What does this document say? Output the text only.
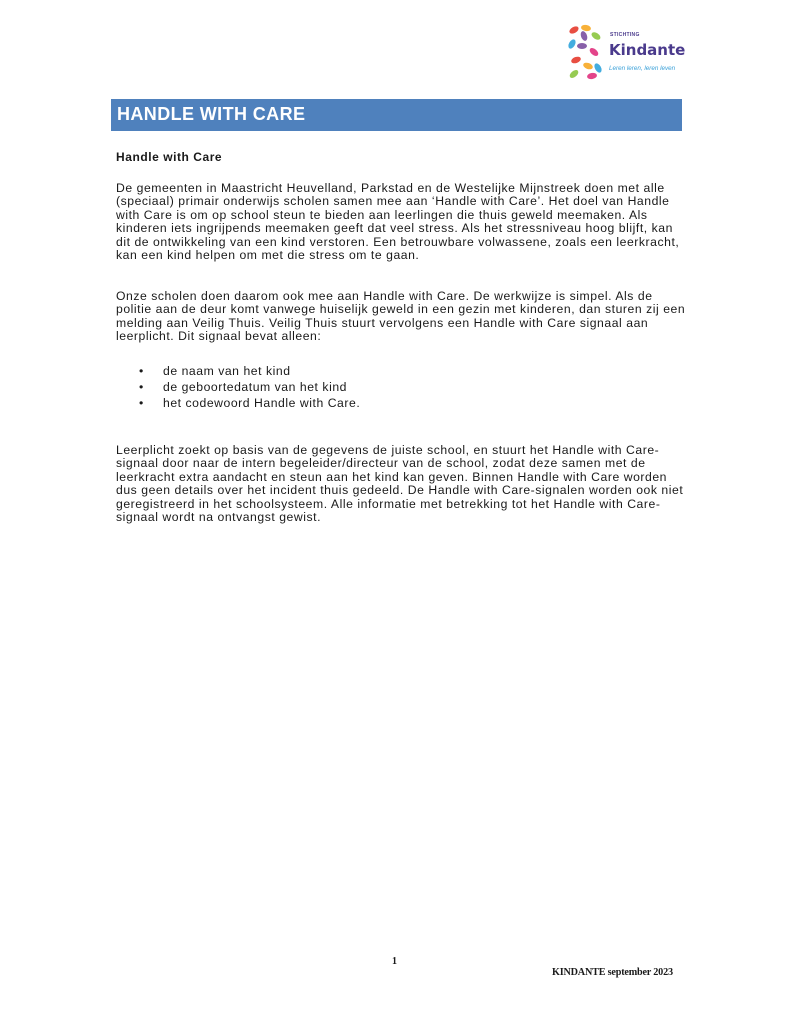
STICHTING
Kindante
Leren leren, leren leven
HANDLE WITH CARE

Handle with Care

De gemeenten in Maastricht Heuvelland, Parkstad en de Westelijke Mijnstreek doen met alle (speciaal) primair onderwijs scholen samen mee aan ‘Handle with Care’. Het doel van Handle with Care is om op school steun te bieden aan leerlingen die thuis geweld meemaken. Als kinderen iets ingrijpends meemaken geeft dat veel stress. Als het stressniveau hoog blijft, kan dit de ontwikkeling van een kind verstoren. Een betrouwbare volwassene, zoals een leerkracht, kan een kind helpen om met die stress om te gaan.

Onze scholen doen daarom ook mee aan Handle with Care. De werkwijze is simpel. Als de politie aan de deur komt vanwege huiselijk geweld in een gezin met kinderen, dan sturen zij een melding aan Veilig Thuis. Veilig Thuis stuurt vervolgens een Handle with Care signaal aan leerplicht. Dit signaal bevat alleen:

• de naam van het kind
• de geboortedatum van het kind
• het codewoord Handle with Care.

Leerplicht zoekt op basis van de gegevens de juiste school, en stuurt het Handle with Care-signaal door naar de intern begeleider/directeur van de school, zodat deze samen met de leerkracht extra aandacht en steun aan het kind kan geven. Binnen Handle with Care worden dus geen details over het incident thuis gedeeld. De Handle with Care-signalen worden ook niet geregistreerd in het schoolsysteem. Alle informatie met betrekking tot het Handle with Care-signaal wordt na ontvangst gewist.

1
KINDANTE september 2023
